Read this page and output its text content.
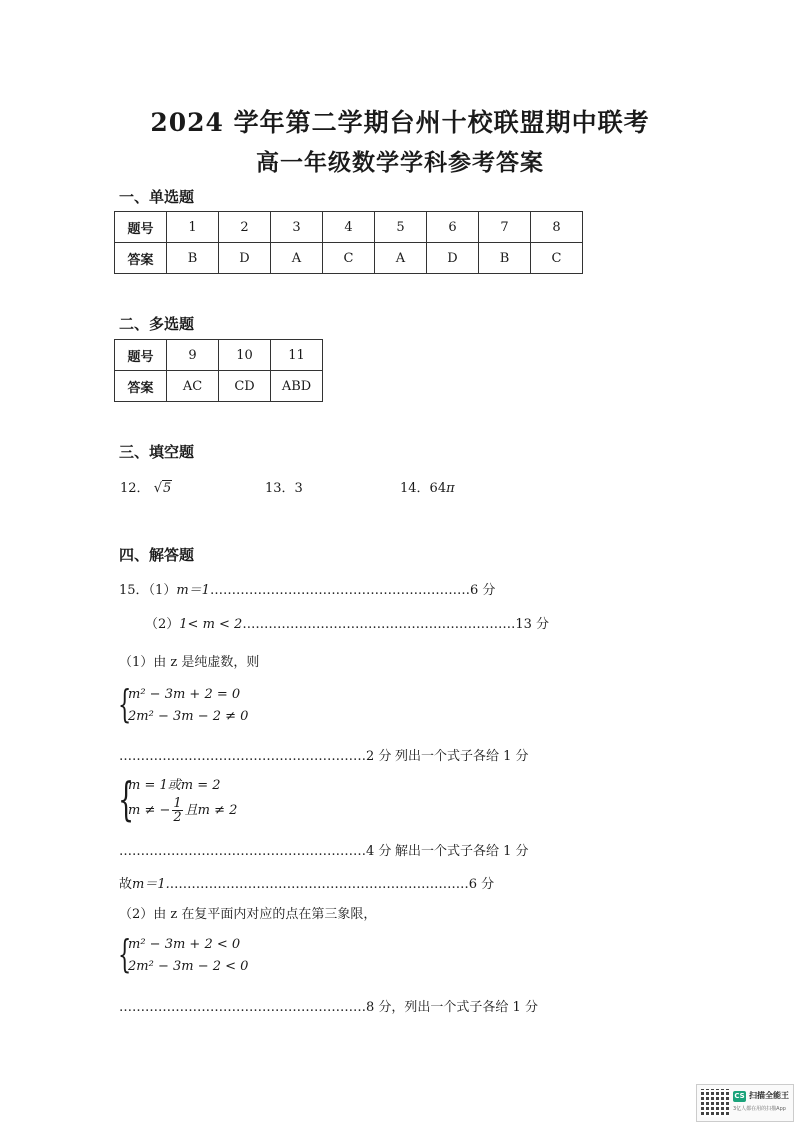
2024 学年第二学期台州十校联盟期中联考
高一年级数学学科参考答案
一、单选题
题号	1	2	3	4	5	6	7	8
答案	B	D	A	C	A	D	B	C
二、多选题
题号	9	10	11
答案	AC	CD	ABD
三、填空题
12． √5	13．3	14．64π
四、解答题
15．（1）m＝1……………………………………………………6 分
（2）1< m < 2………………………………………………………13 分
（1）由 z 是纯虚数，则
{
m² − 3m + 2 = 0
2m² − 3m − 2 ≠ 0
…………………………………………………2 分 列出一个式子各给 1 分
{
m = 1或m = 2
m ≠ − $\frac{1}{2}$ 且m ≠ 2
…………………………………………………4 分 解出一个式子各给 1 分
故m＝1.……………………………………………………………6 分
（2）由 z 在复平面内对应的点在第三象限，
{
m² − 3m + 2 < 0
2m² − 3m − 2 < 0
…………………………………………………8 分，列出一个式子各给 1 分
CS 扫描全能王
3亿人都在用的扫描App
